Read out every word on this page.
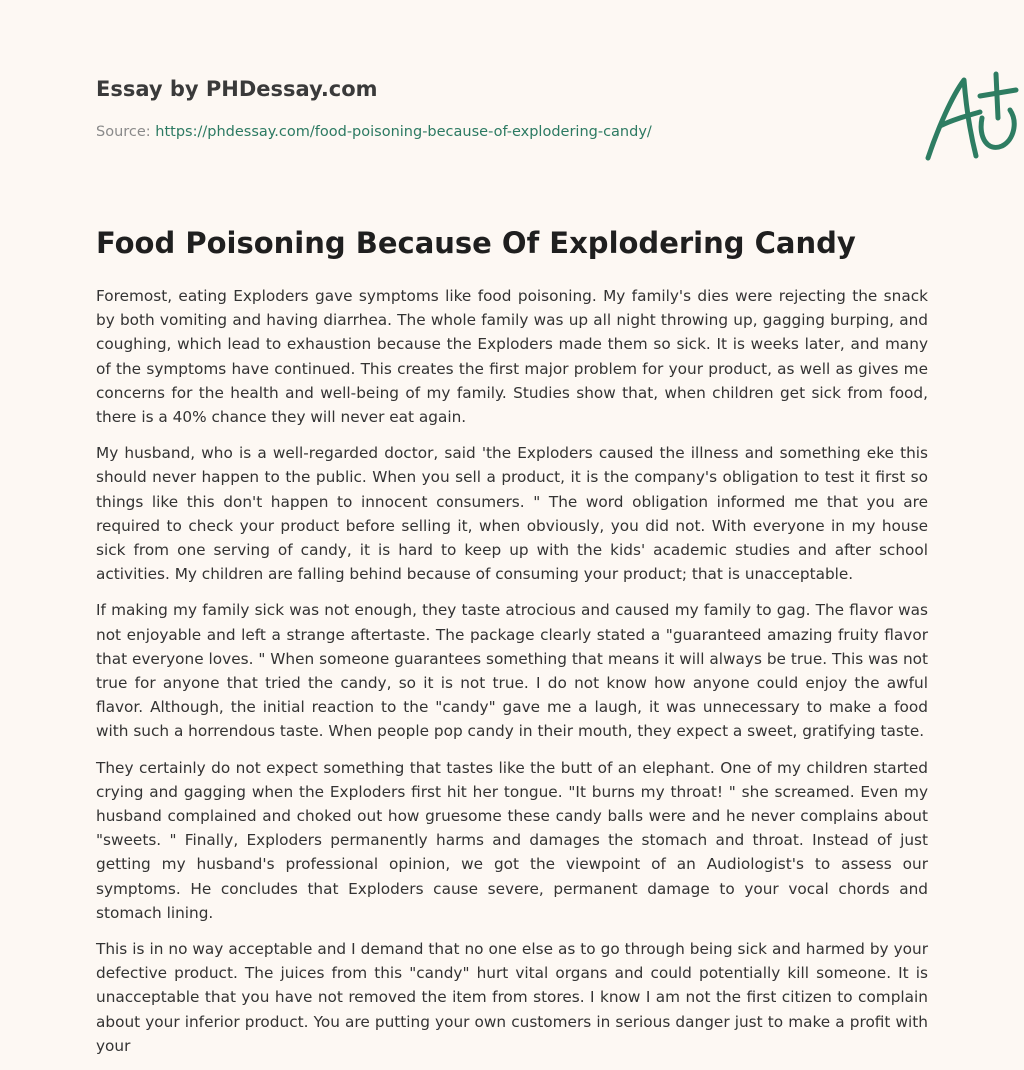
Essay by PHDessay.com
Source: https://phdessay.com/food-poisoning-because-of-explodering-candy/
Food Poisoning Because Of Explodering Candy

Foremost, eating Exploders gave symptoms like food poisoning. My family's dies were rejecting the snack by both vomiting and having diarrhea. The whole family was up all night throwing up, gagging burping, and coughing, which lead to exhaustion because the Exploders made them so sick. It is weeks later, and many of the symptoms have continued. This creates the first major problem for your product, as well as gives me concerns for the health and well-being of my family. Studies show that, when children get sick from food, there is a 40% chance they will never eat again.

My husband, who is a well-regarded doctor, said 'the Exploders caused the illness and something eke this should never happen to the public. When you sell a product, it is the company's obligation to test it first so things like this don't happen to innocent consumers. " The word obligation informed me that you are required to check your product before selling it, when obviously, you did not. With everyone in my house sick from one serving of candy, it is hard to keep up with the kids' academic studies and after school activities. My children are falling behind because of consuming your product; that is unacceptable.

If making my family sick was not enough, they taste atrocious and caused my family to gag. The flavor was not enjoyable and left a strange aftertaste. The package clearly stated a "guaranteed amazing fruity flavor that everyone loves. " When someone guarantees something that means it will always be true. This was not true for anyone that tried the candy, so it is not true. I do not know how anyone could enjoy the awful flavor. Although, the initial reaction to the "candy" gave me a laugh, it was unnecessary to make a food with such a horrendous taste. When people pop candy in their mouth, they expect a sweet, gratifying taste.

They certainly do not expect something that tastes like the butt of an elephant. One of my children started crying and gagging when the Exploders first hit her tongue. "It burns my throat! " she screamed. Even my husband complained and choked out how gruesome these candy balls were and he never complains about "sweets. " Finally, Exploders permanently harms and damages the stomach and throat. Instead of just getting my husband's professional opinion, we got the viewpoint of an Audiologist's to assess our symptoms. He concludes that Exploders cause severe, permanent damage to your vocal chords and stomach lining.

This is in no way acceptable and I demand that no one else as to go through being sick and harmed by your defective product. The juices from this "candy" hurt vital organs and could potentially kill someone. It is unacceptable that you have not removed the item from stores. I know I am not the first citizen to complain about your inferior product. You are putting your own customers in serious danger just to make a profit with your
